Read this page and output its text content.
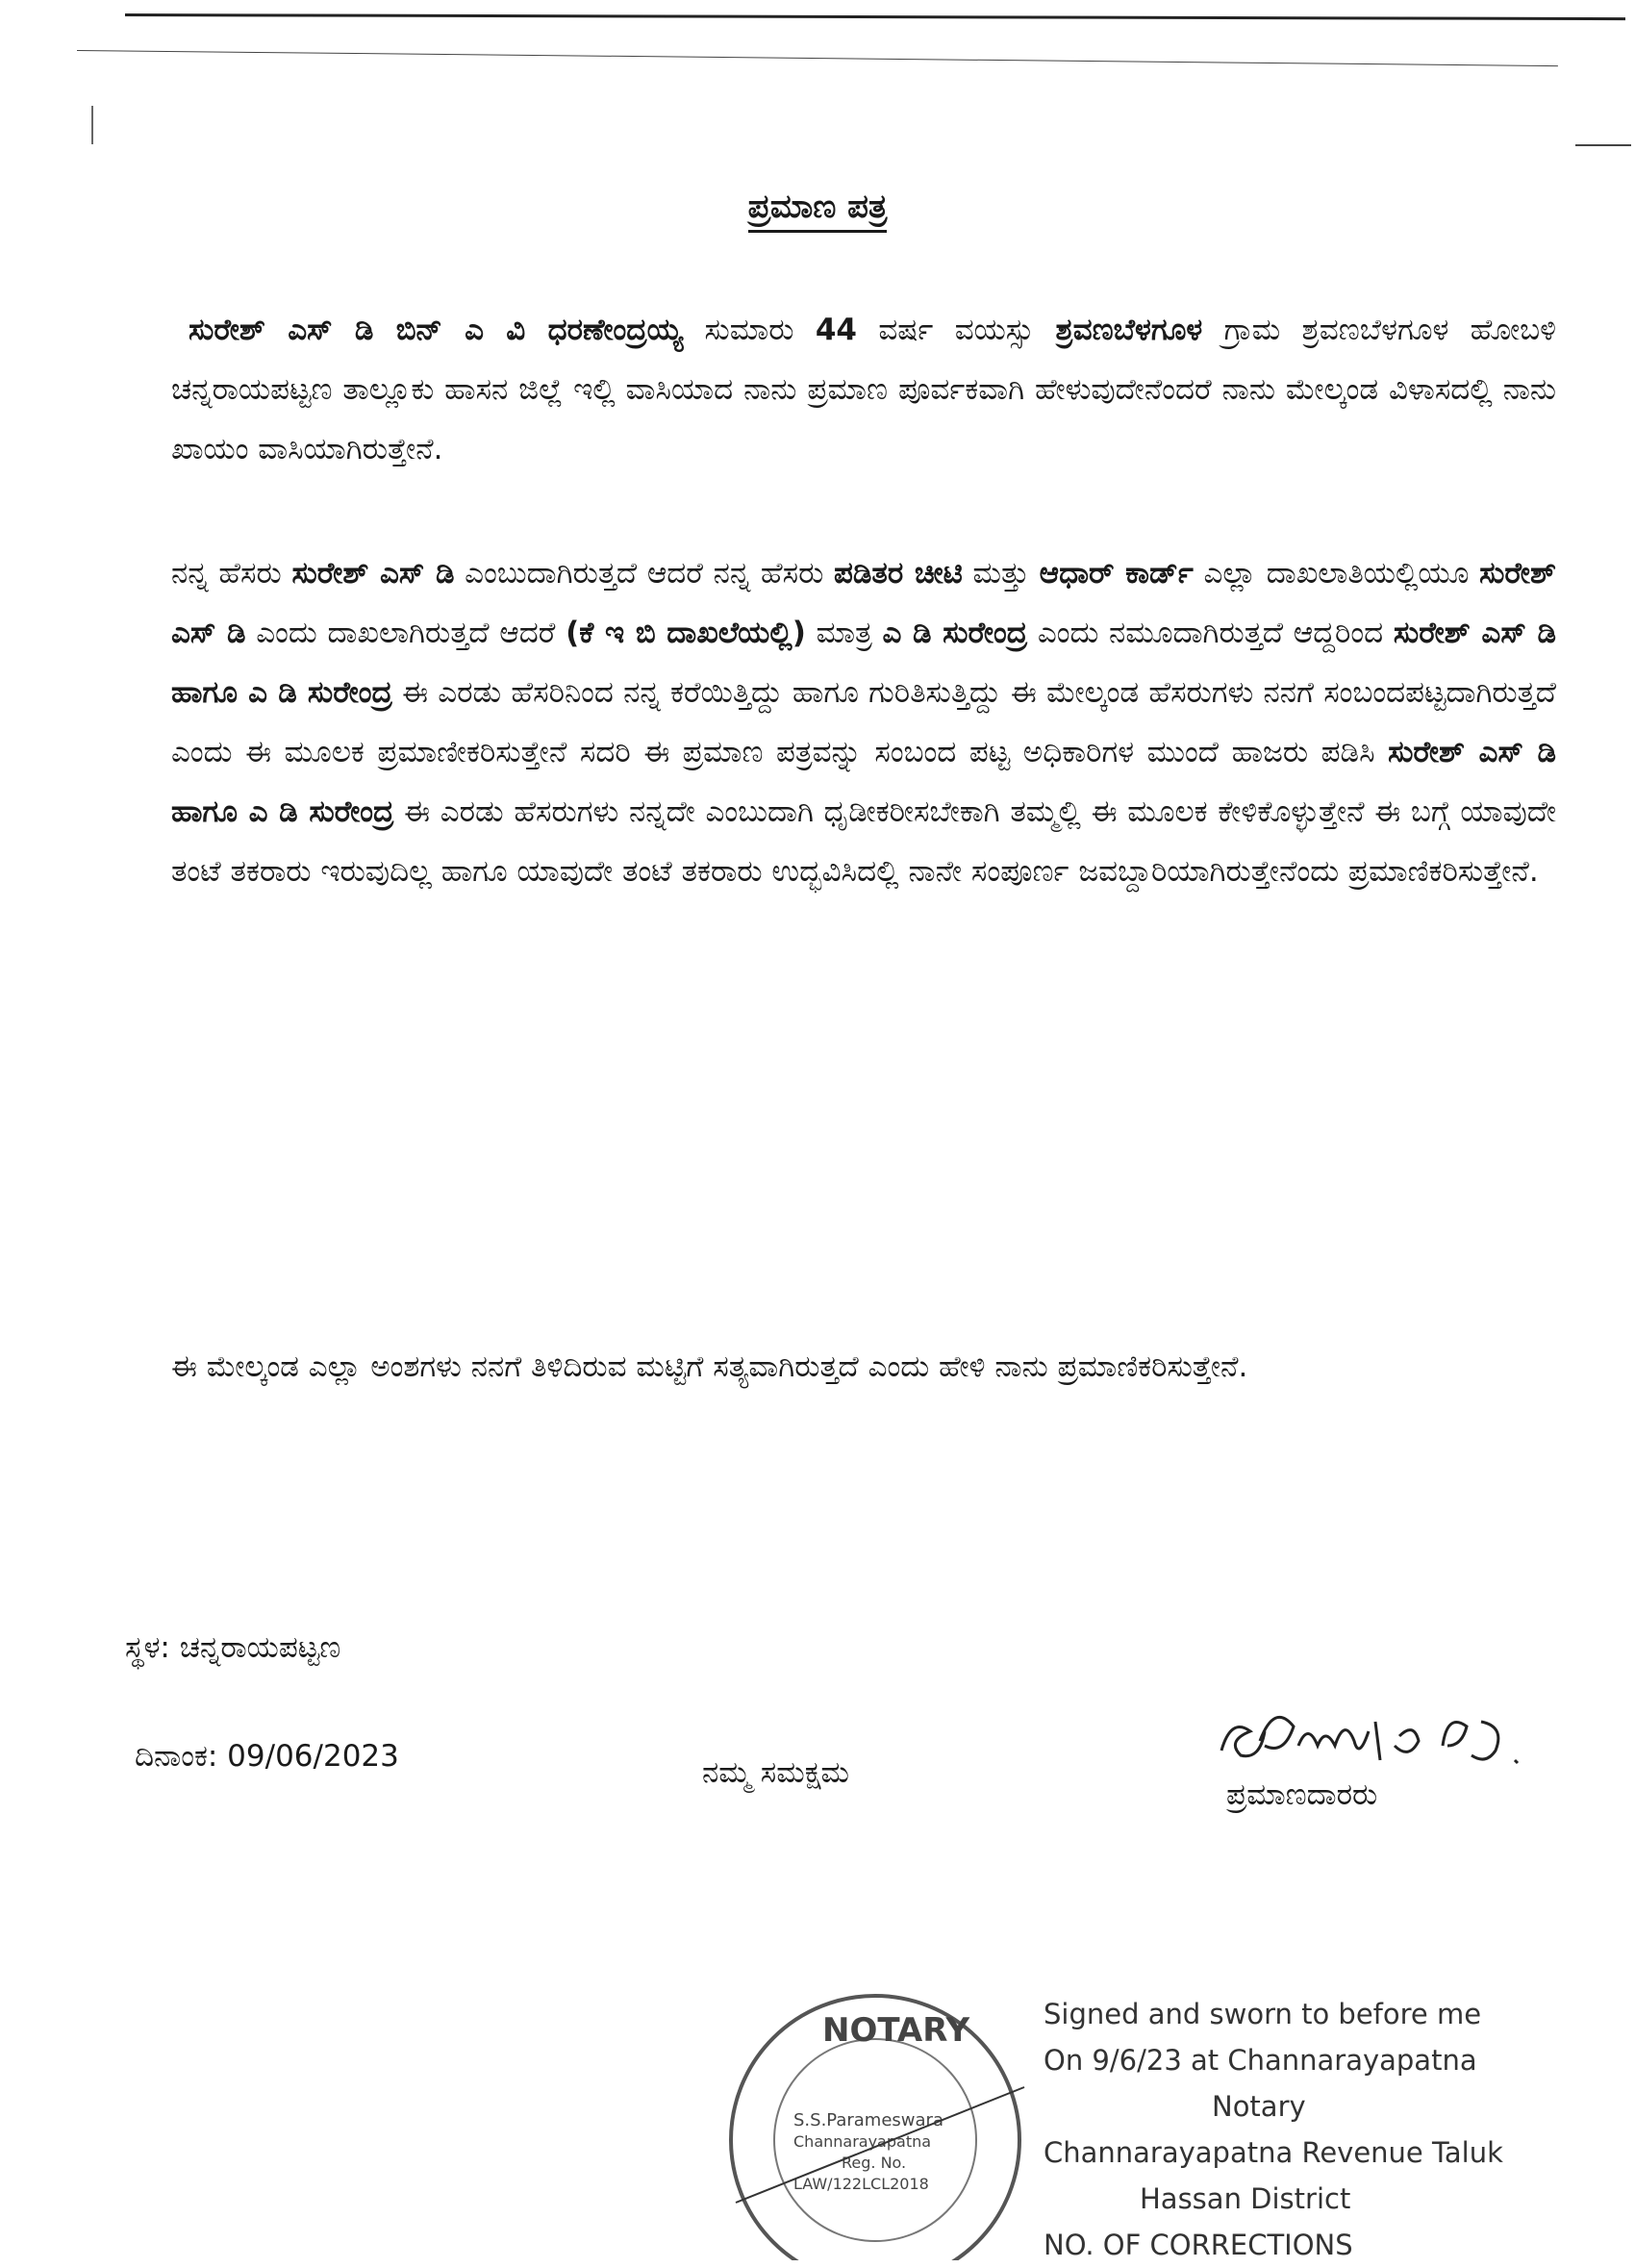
ಪ್ರಮಾಣ ಪತ್ರ
ಸುರೇಶ್ ಎಸ್ ಡಿ ಬಿನ್ ಎ ವಿ ಧರಣೇಂದ್ರಯ್ಯ ಸುಮಾರು 44 ವರ್ಷ ವಯಸ್ಸು ಶ್ರವಣಬೆಳಗೂಳ ಗ್ರಾಮ ಶ್ರವಣಬೆಳಗೂಳ ಹೋಬಳಿ ಚನ್ನರಾಯಪಟ್ಟಣ ತಾಲ್ಲೂಕು ಹಾಸನ ಜಿಲ್ಲೆ ಇಲ್ಲಿ ವಾಸಿಯಾದ ನಾನು ಪ್ರಮಾಣ ಪೂರ್ವಕವಾಗಿ ಹೇಳುವುದೇನೆಂದರೆ ನಾನು ಮೇಲ್ಕಂಡ ವಿಳಾಸದಲ್ಲಿ ನಾನು ಖಾಯಂ ವಾಸಿಯಾಗಿರುತ್ತೇನೆ.
ನನ್ನ ಹೆಸರು ಸುರೇಶ್ ಎಸ್ ಡಿ ಎಂಬುದಾಗಿರುತ್ತದೆ ಆದರೆ ನನ್ನ ಹೆಸರು ಪಡಿತರ ಚೀಟಿ ಮತ್ತು ಆಧಾರ್ ಕಾರ್ಡ್ ಎಲ್ಲಾ ದಾಖಲಾತಿಯಲ್ಲಿಯೂ ಸುರೇಶ್ ಎಸ್ ಡಿ ಎಂದು ದಾಖಲಾಗಿರುತ್ತದೆ ಆದರೆ (ಕೆ ಇ ಬಿ ದಾಖಲೆಯಲ್ಲಿ) ಮಾತ್ರ ಎ ಡಿ ಸುರೇಂದ್ರ ಎಂದು ನಮೂದಾಗಿರುತ್ತದೆ ಆದ್ದರಿಂದ ಸುರೇಶ್ ಎಸ್ ಡಿ ಹಾಗೂ ಎ ಡಿ ಸುರೇಂದ್ರ ಈ ಎರಡು ಹೆಸರಿನಿಂದ ನನ್ನ ಕರೆಯಿತ್ತಿದ್ದು ಹಾಗೂ ಗುರಿತಿಸುತ್ತಿದ್ದು ಈ ಮೇಲ್ಕಂಡ ಹೆಸರುಗಳು ನನಗೆ ಸಂಬಂದಪಟ್ಟದಾಗಿರುತ್ತದೆ ಎಂದು ಈ ಮೂಲಕ ಪ್ರಮಾಣೀಕರಿಸುತ್ತೇನೆ ಸದರಿ ಈ ಪ್ರಮಾಣ ಪತ್ರವನ್ನು ಸಂಬಂದ ಪಟ್ಟ ಅಧಿಕಾರಿಗಳ ಮುಂದೆ ಹಾಜರು ಪಡಿಸಿ ಸುರೇಶ್ ಎಸ್ ಡಿ ಹಾಗೂ ಎ ಡಿ ಸುರೇಂದ್ರ ಈ ಎರಡು ಹೆಸರುಗಳು ನನ್ನದೇ ಎಂಬುದಾಗಿ ಧೃಡೀಕರೀಸಬೇಕಾಗಿ ತಮ್ಮಲ್ಲಿ ಈ ಮೂಲಕ ಕೇಳಿಕೊಳ್ಳುತ್ತೇನೆ ಈ ಬಗ್ಗೆ ಯಾವುದೇ ತಂಟೆ ತಕರಾರು ಇರುವುದಿಲ್ಲ ಹಾಗೂ ಯಾವುದೇ ತಂಟೆ ತಕರಾರು ಉದ್ಭವಿಸಿದಲ್ಲಿ ನಾನೇ ಸಂಪೂರ್ಣ ಜವಬ್ದಾರಿಯಾಗಿರುತ್ತೇನೆಂದು ಪ್ರಮಾಣಿಕರಿಸುತ್ತೇನೆ.
ಈ ಮೇಲ್ಕಂಡ ಎಲ್ಲಾ ಅಂಶಗಳು ನನಗೆ ತಿಳಿದಿರುವ ಮಟ್ಟಿಗೆ ಸತ್ಯವಾಗಿರುತ್ತದೆ ಎಂದು ಹೇಳಿ ನಾನು ಪ್ರಮಾಣಿಕರಿಸುತ್ತೇನೆ.
ಸ್ಥಳ: ಚನ್ನರಾಯಪಟ್ಟಣ
ದಿನಾಂಕ: 09/06/2023	ನಮ್ಮ ಸಮಕ್ಷಮ
ಪ್ರಮಾಣದಾರರು
NOTARY
S.S.Parameswara
Channarayapatna
Reg. No.
LAW/122LCL2018
Signed and sworn to before me
On 9/6/23 at Channarayapatna
Notary
Channarayapatna Revenue Taluk
Hassan District
NO. OF CORRECTIONS
